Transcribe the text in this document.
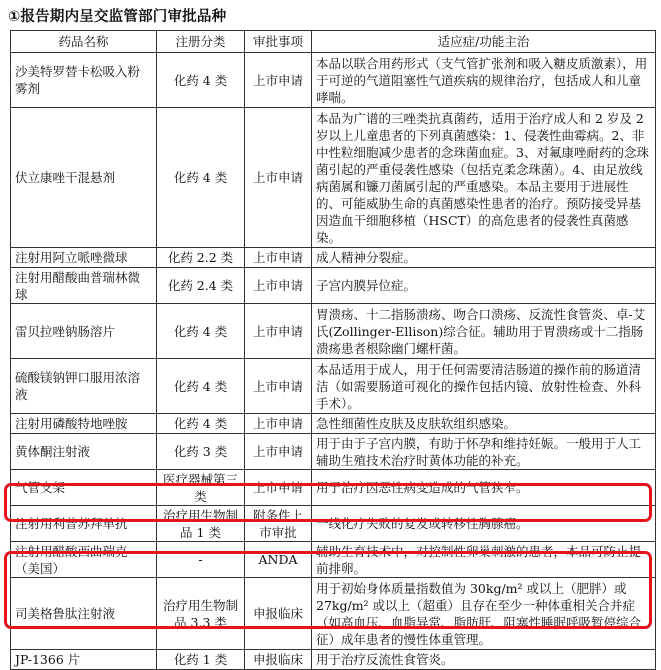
①报告期内呈交监管部门审批品种
药品名称	注册分类	审批事项	适应症/功能主治
沙美特罗替卡松吸入粉雾剂	化药 4 类	上市申请	本品以联合用药形式（支气管扩张剂和吸入糖皮质激素），用于可逆的气道阻塞性气道疾病的规律治疗，包括成人和儿童哮喘。
伏立康唑干混悬剂	化药 4 类	上市申请	本品为广谱的三唑类抗真菌药，适用于治疗成人和 2 岁及 2 岁以上儿童患者的下列真菌感染：1、侵袭性曲霉病。2、非中性粒细胞减少患者的念珠菌血症。3、对氟康唑耐药的念珠菌引起的严重侵袭性感染（包括克柔念珠菌）。4、由足放线病菌属和镰刀菌属引起的严重感染。本品主要用于进展性的、可能威胁生命的真菌感染性患者的治疗。预防接受异基因造血干细胞移植（HSCT）的高危患者的侵袭性真菌感染。
注射用阿立哌唑微球	化药 2.2 类	上市申请	成人精神分裂症。
注射用醋酸曲普瑞林微球	化药 2.4 类	上市申请	子宫内膜异位症。
雷贝拉唑钠肠溶片	化药 4 类	上市申请	胃溃疡、十二指肠溃疡、吻合口溃疡、反流性食管炎、卓-艾氏(Zollinger-Ellison)综合征。辅助用于胃溃疡或十二指肠溃疡患者根除幽门螺杆菌。
硫酸镁钠钾口服用浓溶液	化药 4 类	上市申请	本品适用于成人，用于任何需要清洁肠道的操作前的肠道清洁（如需要肠道可视化的操作包括内镜、放射性检查、外科手术）。
注射用磷酸特地唑胺	化药 4 类	上市申请	急性细菌性皮肤及皮肤软组织感染。
黄体酮注射液	化药 3 类	上市申请	用于由于子宫内膜，有助于怀孕和维持妊娠。一般用于人工辅助生殖技术治疗时黄体功能的补充。
气管支架	医疗器械第三类	上市申请	用于治疗因恶性病变造成的气管狭窄。
注射用利普苏拜单抗	治疗用生物制品 1 类	附条件上市审批	一线化疗失败的复发或转移性胸腺癌。
注射用醋酸西曲瑞克（美国）	-	ANDA	辅助生育技术中，对控制性卵巢刺激的患者，本品可防止提前排卵。
司美格鲁肽注射液	治疗用生物制品 3.3 类	申报临床	用于初始身体质量指数值为 30kg/m² 或以上（肥胖）或 27kg/m² 或以上（超重）且存在至少一种体重相关合并症（如高血压、血脂异常、脂肪肝、阻塞性睡眠呼吸暂停综合征）成年患者的慢性体重管理。
JP-1366 片	化药 1 类	申报临床	用于治疗反流性食管炎。
